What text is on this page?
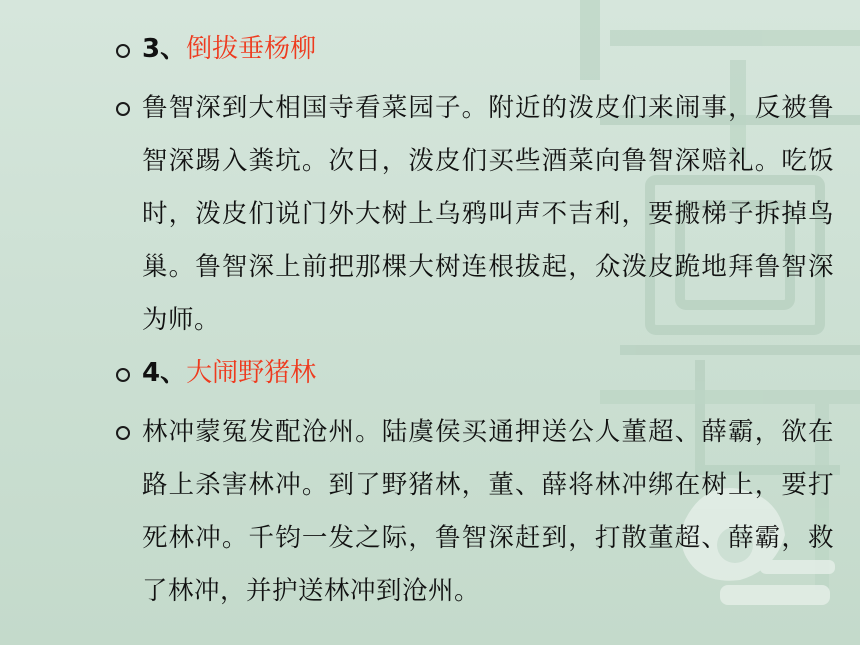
3、倒拔垂杨柳
鲁智深到大相国寺看菜园子。附近的泼皮们来闹事，反被鲁智深踢入粪坑。次日，泼皮们买些酒菜向鲁智深赔礼。吃饭时，泼皮们说门外大树上乌鸦叫声不吉利，要搬梯子拆掉鸟巢。鲁智深上前把那棵大树连根拔起，众泼皮跪地拜鲁智深为师。
4、大闹野猪林
林冲蒙冤发配沧州。陆虞侯买通押送公人董超、薛霸，欲在路上杀害林冲。到了野猪林，董、薛将林冲绑在树上，要打死林冲。千钧一发之际，鲁智深赶到，打散董超、薛霸，救了林冲，并护送林冲到沧州。
